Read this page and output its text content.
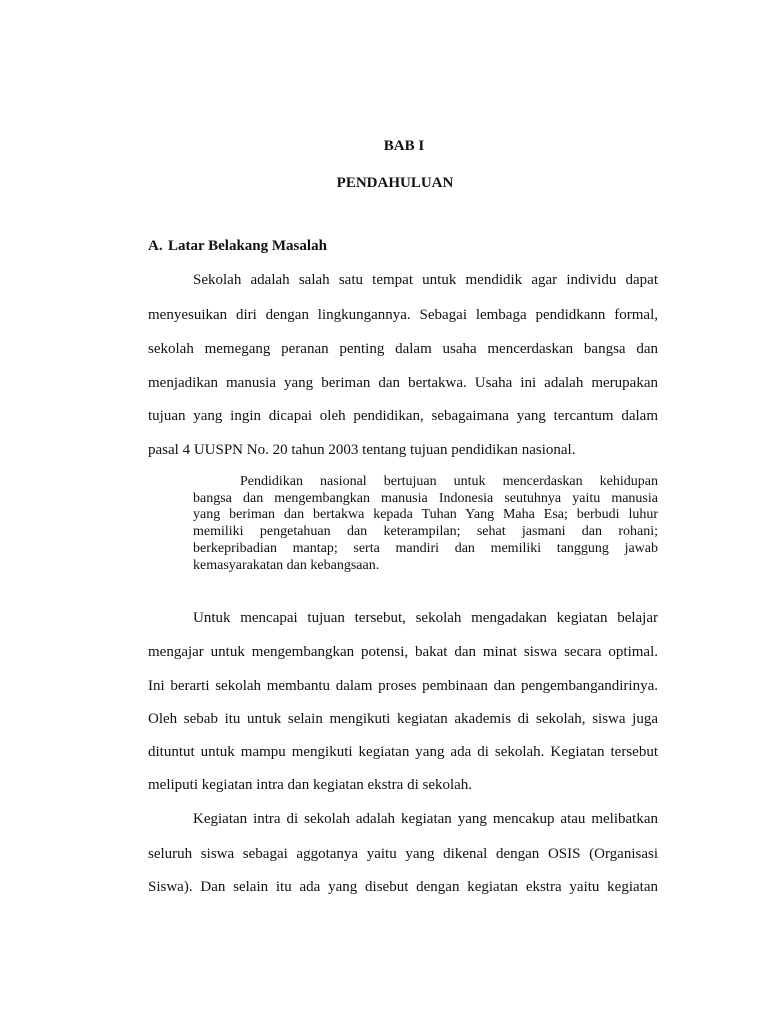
BAB I
PENDAHULUAN
A. Latar Belakang Masalah
Sekolah adalah salah satu tempat untuk mendidik agar individu dapat
menyesuikan diri dengan lingkungannya. Sebagai lembaga pendidkann formal,
sekolah memegang peranan penting dalam usaha mencerdaskan bangsa dan
menjadikan manusia yang beriman dan bertakwa. Usaha ini adalah merupakan
tujuan yang ingin dicapai oleh pendidikan, sebagaimana yang tercantum dalam
pasal 4 UUSPN No. 20 tahun 2003 tentang tujuan pendidikan nasional.
Pendidikan nasional bertujuan untuk mencerdaskan kehidupan
bangsa dan mengembangkan manusia Indonesia seutuhnya yaitu manusia
yang beriman dan bertakwa kepada Tuhan Yang Maha Esa; berbudi luhur
memiliki pengetahuan dan keterampilan; sehat jasmani dan rohani;
berkepribadian mantap; serta mandiri dan memiliki tanggung jawab
kemasyarakatan dan kebangsaan.
Untuk mencapai tujuan tersebut, sekolah mengadakan kegiatan belajar
mengajar untuk mengembangkan potensi, bakat dan minat siswa secara optimal.
Ini berarti sekolah membantu dalam proses pembinaan dan pengembangandirinya.
Oleh sebab itu untuk selain mengikuti kegiatan akademis di sekolah, siswa juga
dituntut untuk mampu mengikuti kegiatan yang ada di sekolah. Kegiatan tersebut
meliputi kegiatan intra dan kegiatan ekstra di sekolah.
Kegiatan intra di sekolah adalah kegiatan yang mencakup atau melibatkan
seluruh siswa sebagai aggotanya yaitu yang dikenal dengan OSIS (Organisasi
Siswa). Dan selain itu ada yang disebut dengan kegiatan ekstra yaitu kegiatan
